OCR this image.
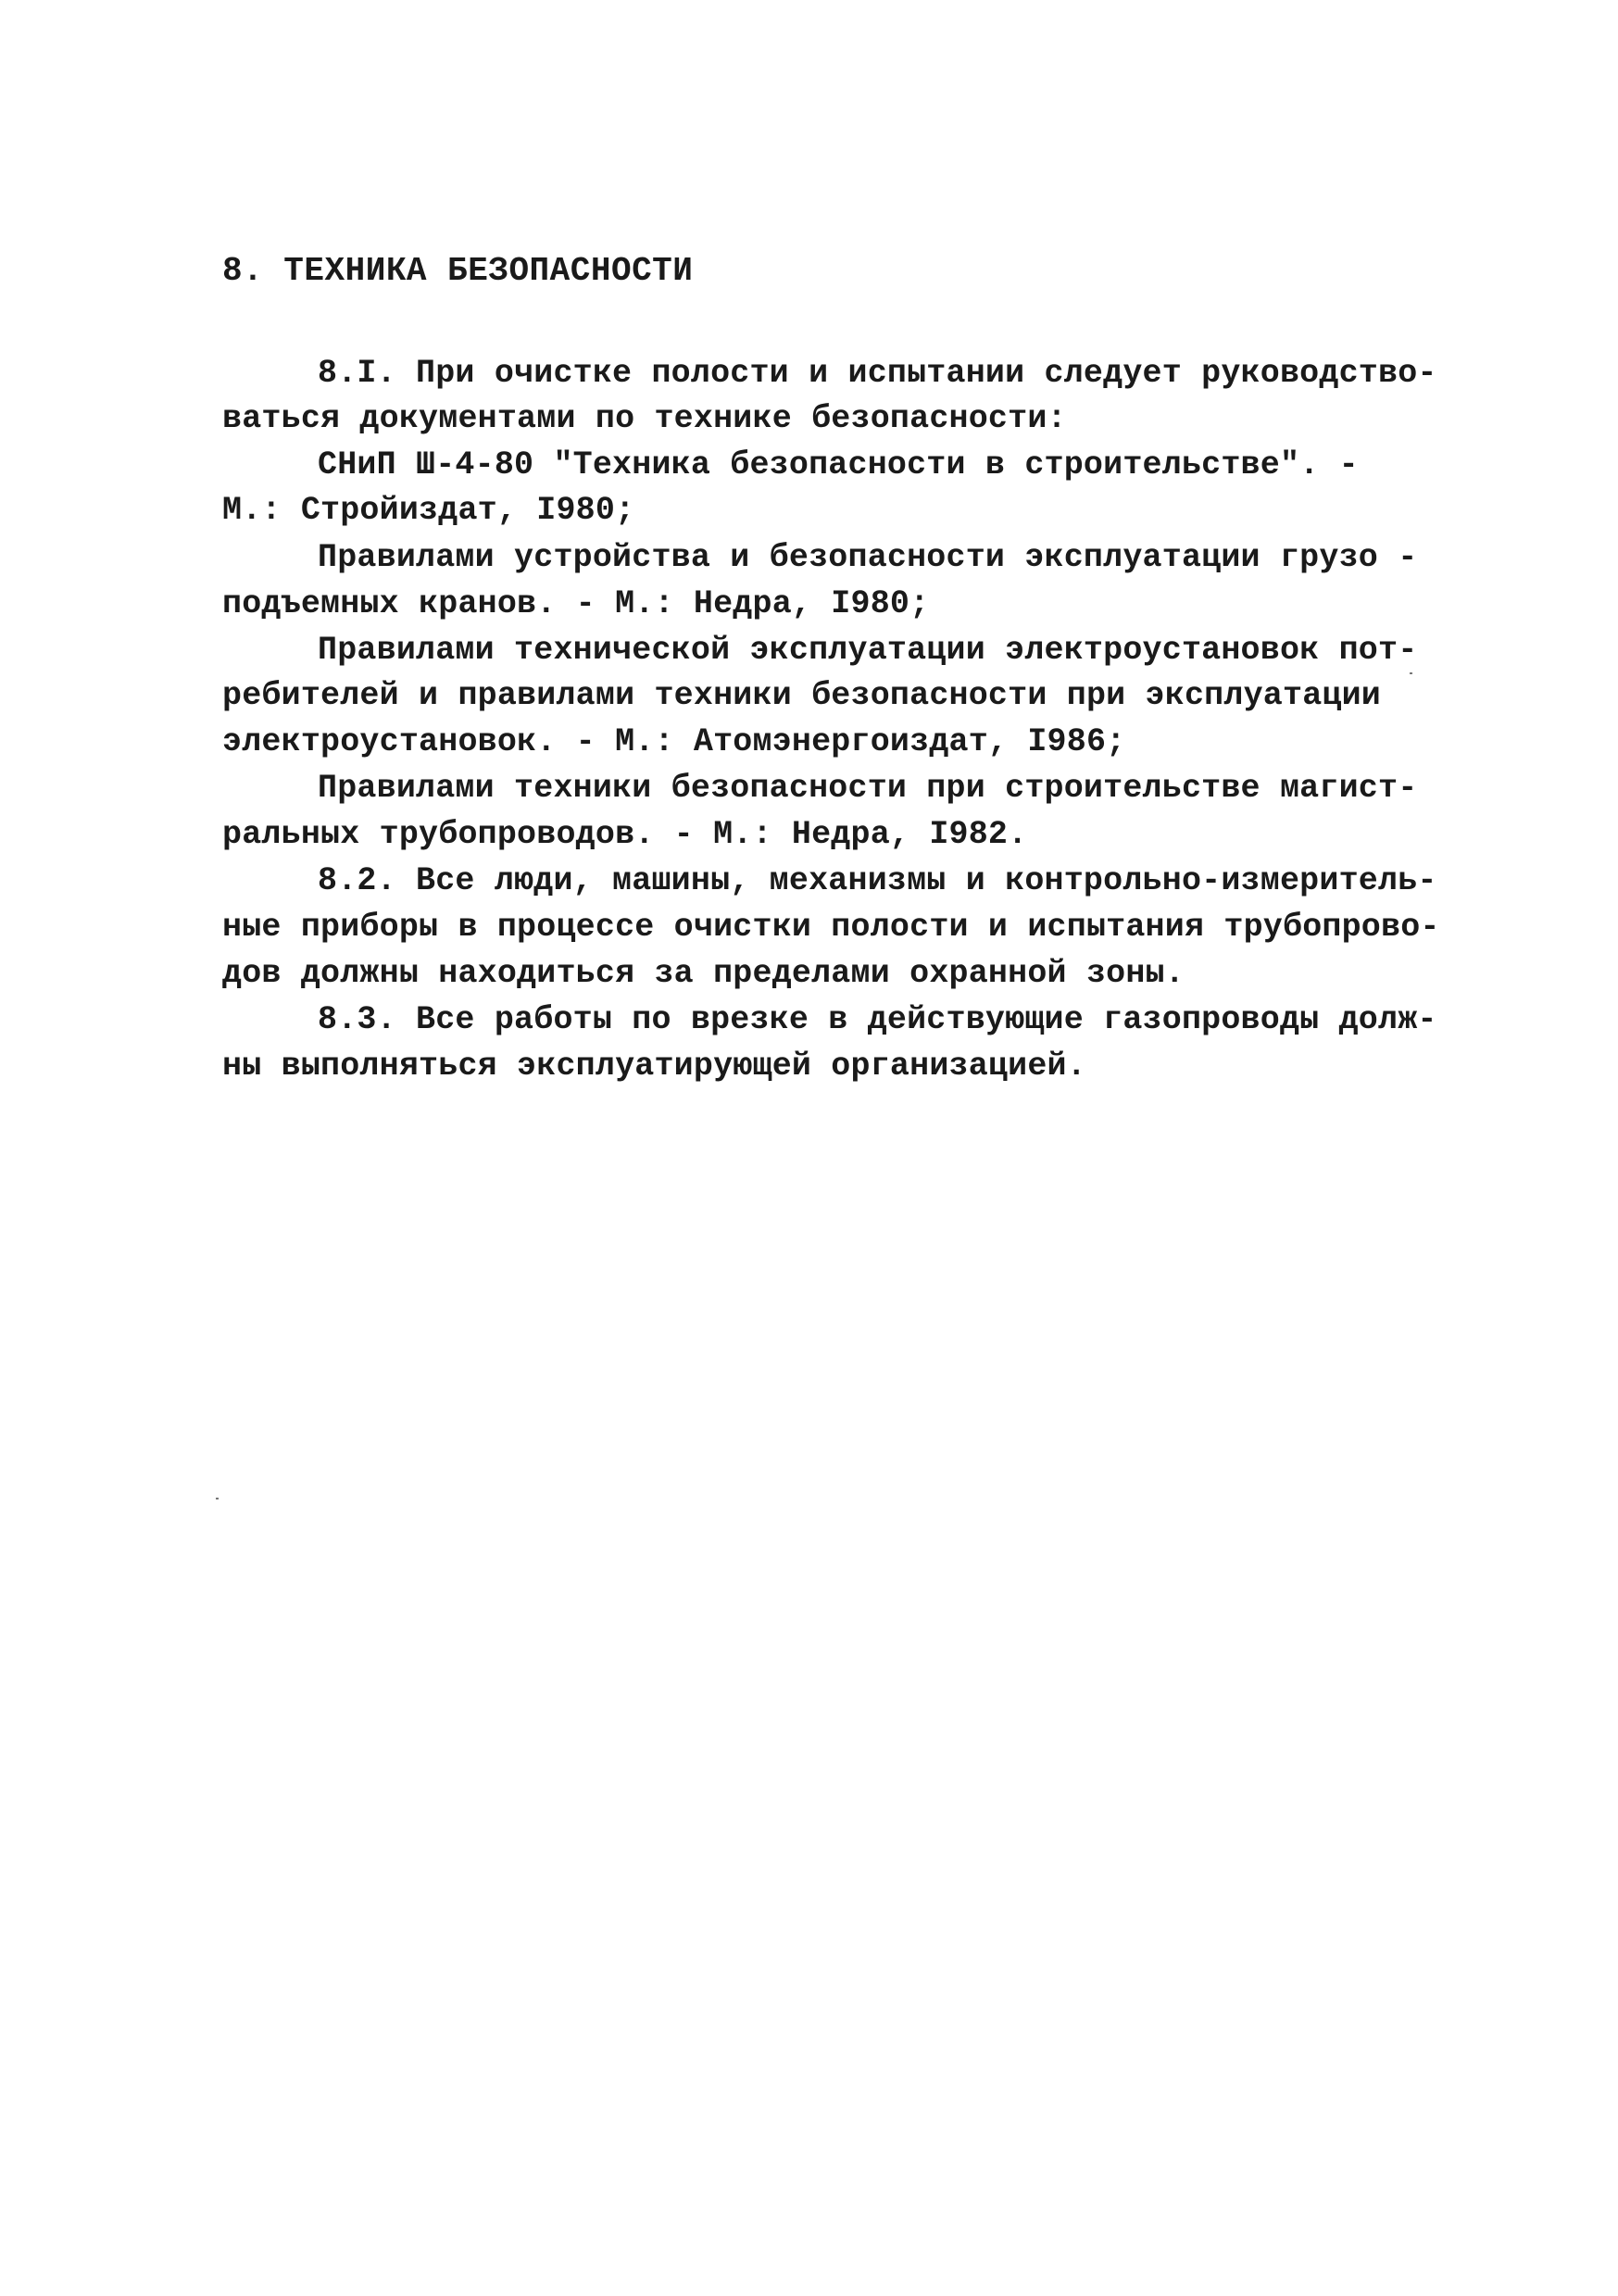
8. ТЕХНИКА БЕЗОПАСНОСТИ
8.I. При очистке полости и испытании следует руководство-
ваться документами по технике безопасности:
СНиП Ш-4-80 "Техника безопасности в строительстве". -
М.: Стройиздат, I980;
Правилами устройства и безопасности эксплуатации грузо -
подъемных кранов. - М.: Недра, I980;
Правилами технической эксплуатации электроустановок пот-
ребителей и правилами техники безопасности при эксплуатации
электроустановок. - М.: Атомэнергоиздат, I986;
Правилами техники безопасности при строительстве магист-
ральных трубопроводов. - М.: Недра, I982.
8.2. Все люди, машины, механизмы и контрольно-измеритель-
ные приборы в процессе очистки полости и испытания трубопрово-
дов должны находиться за пределами охранной зоны.
8.3. Все работы по врезке в действующие газопроводы долж-
ны выполняться эксплуатирующей организацией.
